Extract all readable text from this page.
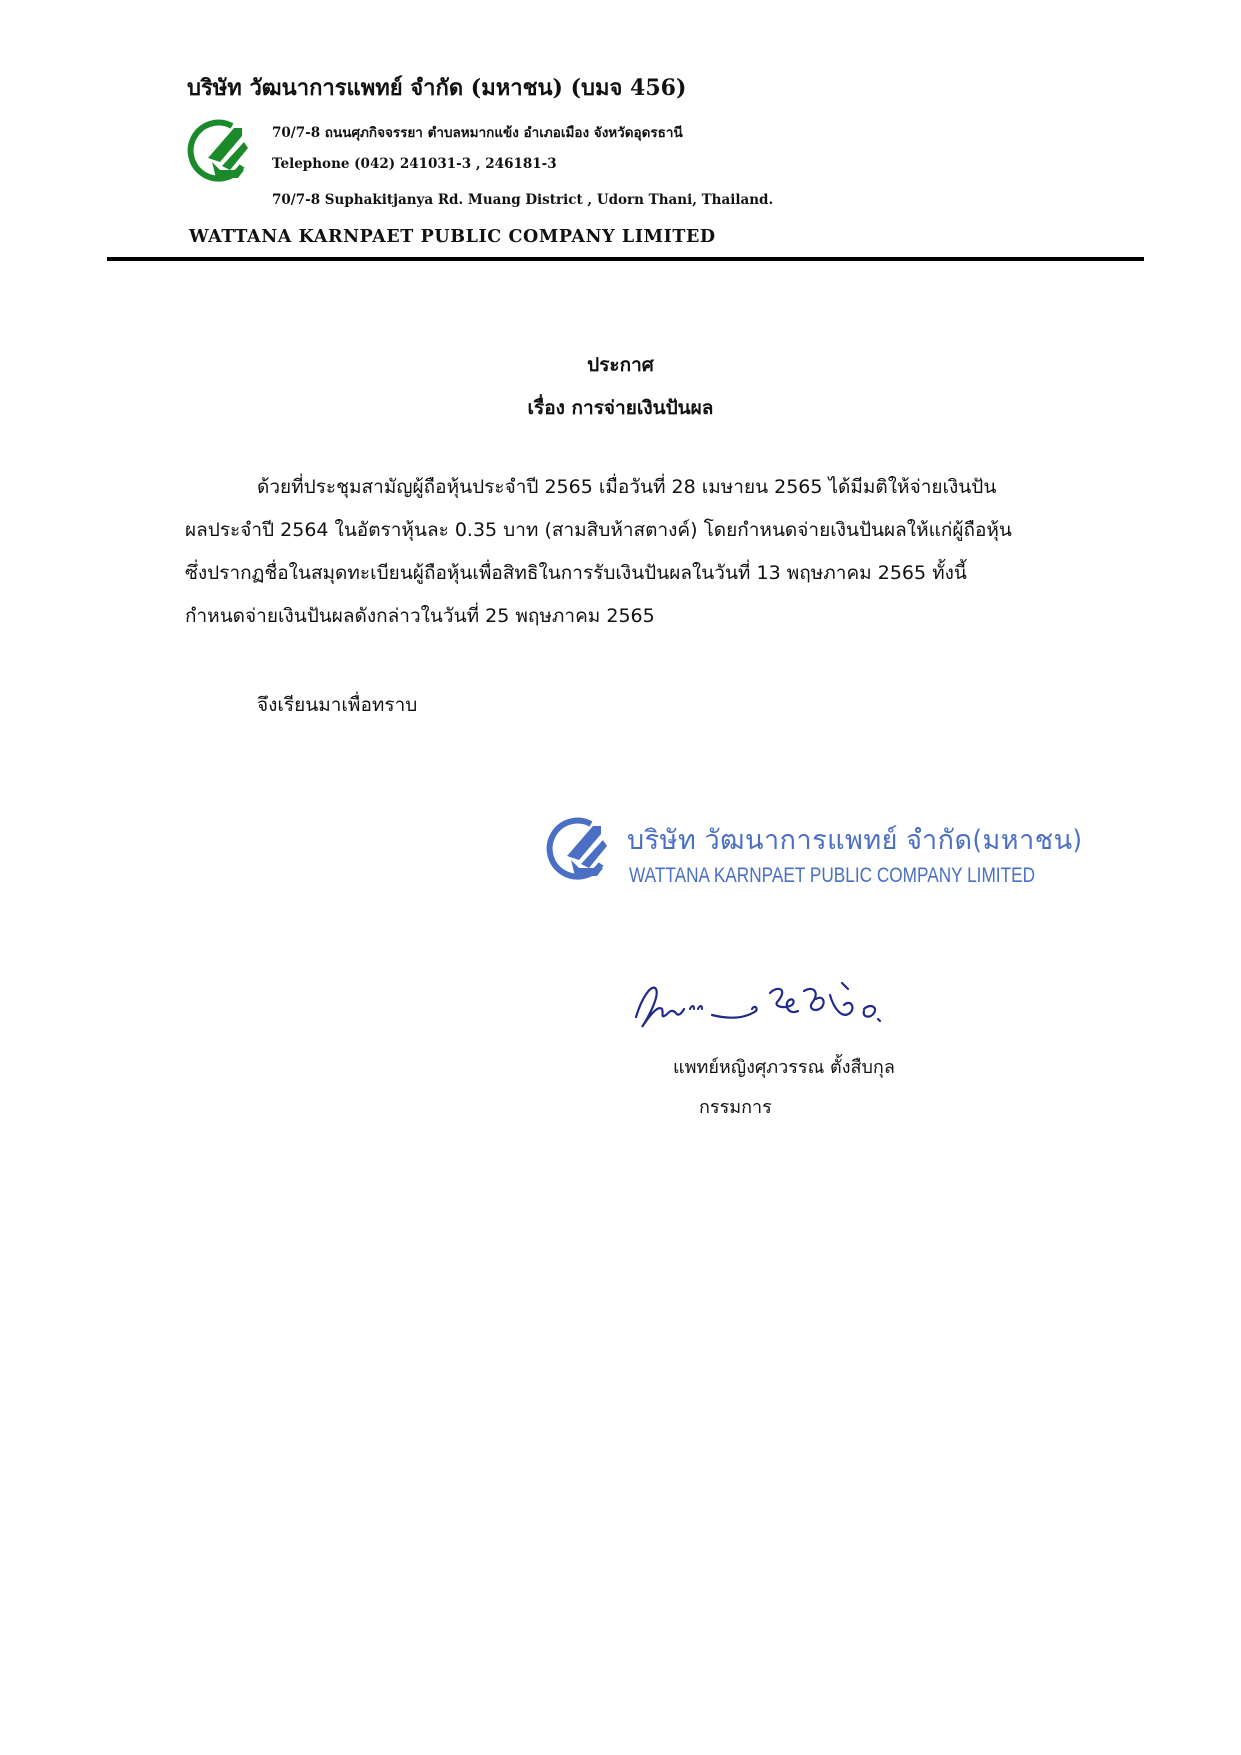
บริษัท วัฒนาการแพทย์ จำกัด (มหาชน) (บมจ 456)
70/7-8 ถนนศุภกิจจรรยา ตำบลหมากแข้ง อำเภอเมือง จังหวัดอุดรธานี
Telephone (042) 241031-3 , 246181-3
70/7-8 Suphakitjanya Rd. Muang District , Udorn Thani, Thailand.
WATTANA KARNPAET PUBLIC COMPANY LIMITED
ประกาศ
เรื่อง การจ่ายเงินปันผล
ด้วยที่ประชุมสามัญผู้ถือหุ้นประจำปี 2565 เมื่อวันที่ 28 เมษายน 2565 ได้มีมติให้จ่ายเงินปัน
ผลประจำปี 2564 ในอัตราหุ้นละ 0.35 บาท (สามสิบห้าสตางค์) โดยกำหนดจ่ายเงินปันผลให้แก่ผู้ถือหุ้น
ซึ่งปรากฏชื่อในสมุดทะเบียนผู้ถือหุ้นเพื่อสิทธิในการรับเงินปันผลในวันที่ 13 พฤษภาคม 2565 ทั้งนี้
กำหนดจ่ายเงินปันผลดังกล่าวในวันที่ 25 พฤษภาคม 2565
จึงเรียนมาเพื่อทราบ
บริษัท วัฒนาการแพทย์ จำกัด(มหาชน)
WATTANA KARNPAET PUBLIC COMPANY LIMITED
แพทย์หญิงศุภวรรณ ตั้งสืบกุล
กรรมการ
